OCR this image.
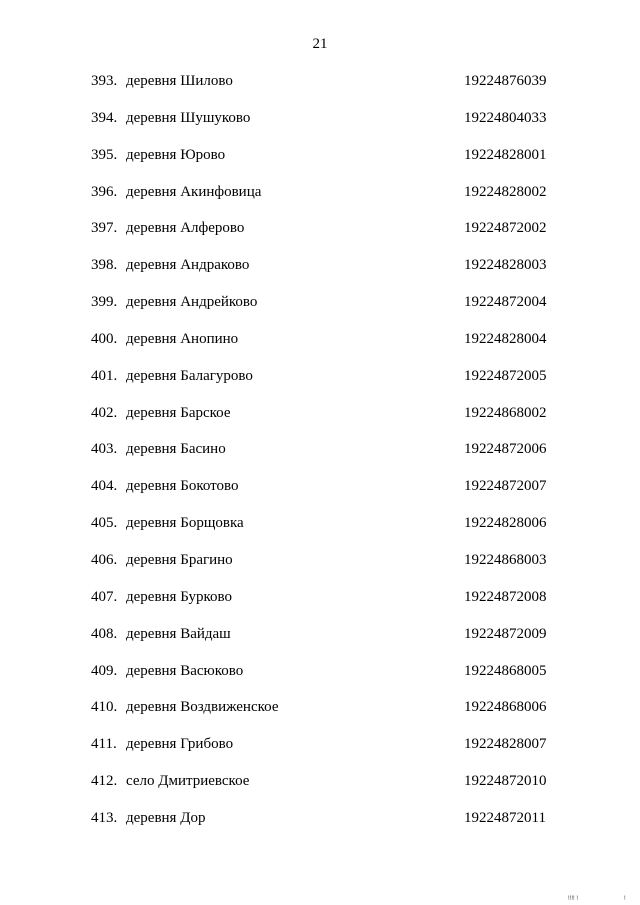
21
393. деревня Шилово	19224876039
394. деревня Шушуково	19224804033
395. деревня Юрово	19224828001
396. деревня Акинфовица	19224828002
397. деревня Алферово	19224872002
398. деревня Андраково	19224828003
399. деревня Андрейково	19224872004
400. деревня Анопино	19224828004
401. деревня Балагурово	19224872005
402. деревня Барское	19224868002
403. деревня Басино	19224872006
404. деревня Бокотово	19224872007
405. деревня Борщовка	19224828006
406. деревня Брагино	19224868003
407. деревня Бурково	19224872008
408. деревня Вайдаш	19224872009
409. деревня Васюково	19224868005
410. деревня Воздвиженское	19224868006
411. деревня Грибово	19224828007
412. село Дмитриевское	19224872010
413. деревня Дор	19224872011
!!!! !	!
